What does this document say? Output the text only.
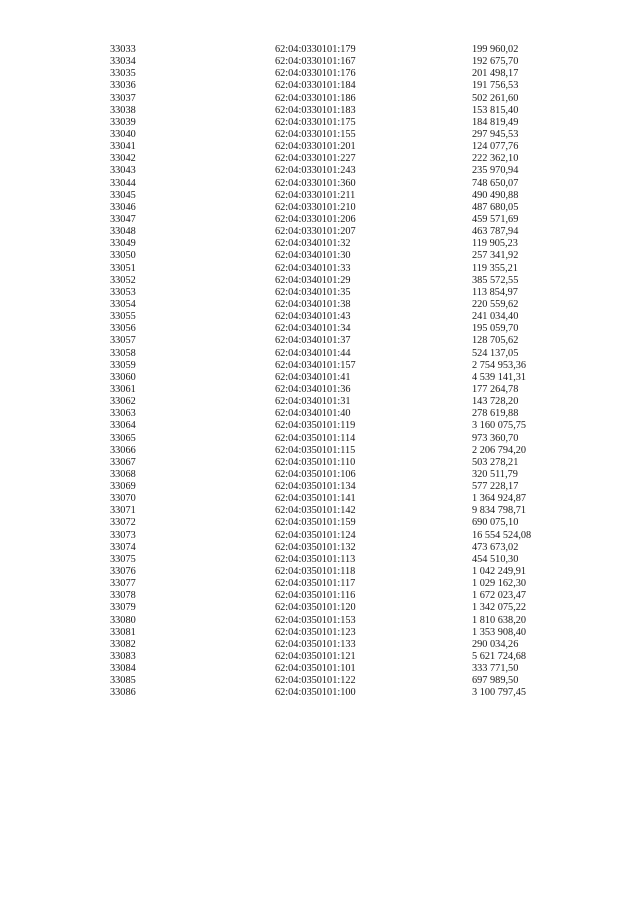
33033	62:04:0330101:179	199 960,02
33034	62:04:0330101:167	192 675,70
33035	62:04:0330101:176	201 498,17
33036	62:04:0330101:184	191 756,53
33037	62:04:0330101:186	502 261,60
33038	62:04:0330101:183	153 815,40
33039	62:04:0330101:175	184 819,49
33040	62:04:0330101:155	297 945,53
33041	62:04:0330101:201	124 077,76
33042	62:04:0330101:227	222 362,10
33043	62:04:0330101:243	235 970,94
33044	62:04:0330101:360	748 650,07
33045	62:04:0330101:211	490 490,88
33046	62:04:0330101:210	487 680,05
33047	62:04:0330101:206	459 571,69
33048	62:04:0330101:207	463 787,94
33049	62:04:0340101:32	119 905,23
33050	62:04:0340101:30	257 341,92
33051	62:04:0340101:33	119 355,21
33052	62:04:0340101:29	385 572,55
33053	62:04:0340101:35	113 854,97
33054	62:04:0340101:38	220 559,62
33055	62:04:0340101:43	241 034,40
33056	62:04:0340101:34	195 059,70
33057	62:04:0340101:37	128 705,62
33058	62:04:0340101:44	524 137,05
33059	62:04:0340101:157	2 754 953,36
33060	62:04:0340101:41	4 539 141,31
33061	62:04:0340101:36	177 264,78
33062	62:04:0340101:31	143 728,20
33063	62:04:0340101:40	278 619,88
33064	62:04:0350101:119	3 160 075,75
33065	62:04:0350101:114	973 360,70
33066	62:04:0350101:115	2 206 794,20
33067	62:04:0350101:110	503 278,21
33068	62:04:0350101:106	320 511,79
33069	62:04:0350101:134	577 228,17
33070	62:04:0350101:141	1 364 924,87
33071	62:04:0350101:142	9 834 798,71
33072	62:04:0350101:159	690 075,10
33073	62:04:0350101:124	16 554 524,08
33074	62:04:0350101:132	473 673,02
33075	62:04:0350101:113	454 510,30
33076	62:04:0350101:118	1 042 249,91
33077	62:04:0350101:117	1 029 162,30
33078	62:04:0350101:116	1 672 023,47
33079	62:04:0350101:120	1 342 075,22
33080	62:04:0350101:153	1 810 638,20
33081	62:04:0350101:123	1 353 908,40
33082	62:04:0350101:133	290 034,26
33083	62:04:0350101:121	5 621 724,68
33084	62:04:0350101:101	333 771,50
33085	62:04:0350101:122	697 989,50
33086	62:04:0350101:100	3 100 797,45
